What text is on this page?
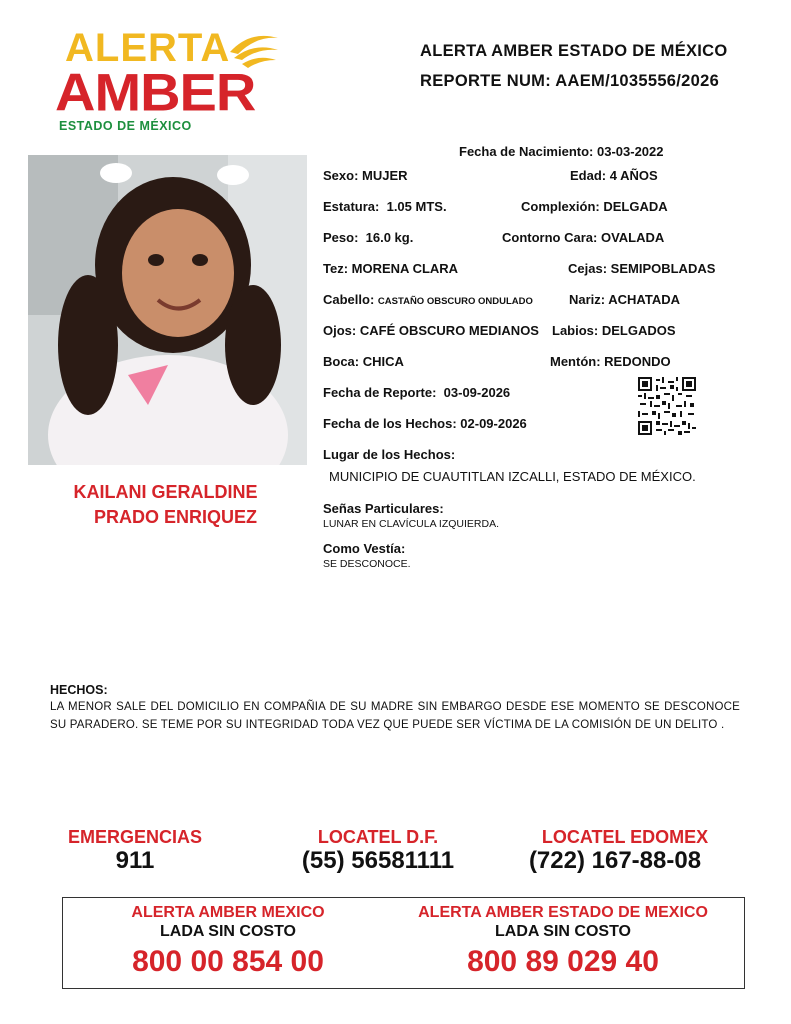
ALERTA
AMBER
ESTADO DE MÉXICO
ALERTA AMBER ESTADO DE MÉXICO
REPORTE NUM: AAEM/1035556/2026
KAILANI GERALDINE
PRADO ENRIQUEZ
Fecha de Nacimiento: 03-03-2022
Sexo: MUJER	Edad: 4 AÑOS
Estatura: 1.05 MTS.	Complexión: DELGADA
Peso: 16.0 kg.	Contorno Cara: OVALADA
Tez: MORENA CLARA	Cejas: SEMIPOBLADAS
Cabello: CASTAÑO OBSCURO ONDULADO	Nariz: ACHATADA
Ojos: CAFÉ OBSCURO MEDIANOS Labios: DELGADOS
Boca: CHICA	Mentón: REDONDO
Fecha de Reporte: 03-09-2026
Fecha de los Hechos: 02-09-2026
Lugar de los Hechos:
MUNICIPIO DE CUAUTITLAN IZCALLI, ESTADO DE MÉXICO.
Señas Particulares:
LUNAR EN CLAVÍCULA IZQUIERDA.
Como Vestía:
SE DESCONOCE.
HECHOS:
LA MENOR SALE DEL DOMICILIO EN COMPAÑIA DE SU MADRE SIN EMBARGO DESDE ESE MOMENTO SE DESCONOCE SU PARADERO. SE TEME POR SU INTEGRIDAD TODA VEZ QUE PUEDE SER VÍCTIMA DE LA COMISIÓN DE UN DELITO .
EMERGENCIAS
911
LOCATEL D.F.
(55) 56581111
LOCATEL EDOMEX
(722) 167-88-08
ALERTA AMBER MEXICO
LADA SIN COSTO
800 00 854 00
ALERTA AMBER ESTADO DE MEXICO
LADA SIN COSTO
800 89 029 40
